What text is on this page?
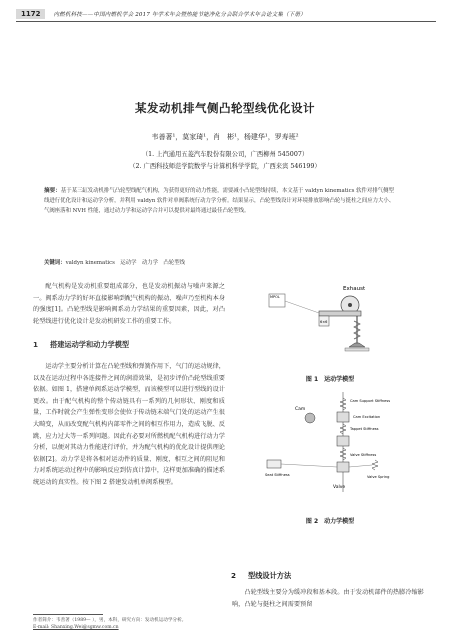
1172	内燃机科技——中国内燃机学会 2017 年学术年会暨热能节能净化分会联合学术年会论文集（下册）
某发动机排气侧凸轮型线优化设计
韦善著¹，莫家琦¹，肖　彬¹，杨建华¹，罗寿班²
（1. 上汽通用五菱汽车股份有限公司，广西柳州 545007）
（2. 广西科技师范学院数学与计算机科学学院，广西来宾 546199）
摘要：基于某三缸发动机排气凸轮型线配气机构，为获得更好的动力性能，需要减小凸轮型线持续，本文基于 valdyn kinematics 软件对排气侧型线进行优化设计和运动学分析，并利用 valdyn 软件对单阀系统行动力学分析。结果显示，凸轮型线设计对环境排放影响凸轮与挺柱之间应力大小、气阀座落和 NVH 性能，通过动力学和运动学合并可以提供对最终通过最佳凸轮型线。
关键词：valdyn kinematics　运动学　动力学　凸轮型线

配气机构是发动机重要组成部分，也是发动机振动与噪声来源之一。阀系动力学的好坏直接影响到配气机构的振动、噪声乃至机构本身的强度[1]。凸轮型线是影响阀系动力学结果的重要因素，因此，对凸轮型线进行优化设计是发动机研发工作的重要工作。

1 搭建运动学和动力学模型

运动学主要分析计算在凸轮型线和弹簧作用下，气门的运动规律，以及在运动过程中各连接件之间的润滑效果，是初步评价凸轮型线重要依据。如图 1，搭建单阀系运动学模型，而该模型可以进行型线的设计更改。由于配气机构的整个传动链具有一系列的几何形状、刚度和质量，工作时就会产生弹性变形会使位于传动链末端气门处的运动产生很大畸变，从而改变配气机构内部零件之间的相互作用力，造成飞脱、反跳，应力过大等一系列问题。因此有必要对所燃机配气机构进行动力学分析，以便对其动力性能进行评价，并为配气机构的优化设计提供理论依据[2]。动力学是将各相对运动件的质量、刚度，相互之间的阻尼和力对系统运动过程中的影响反应到仿真计算中，这样更加准确的描述系统运动的真实性。按下图 2 搭建发动机单阀系模型。

Exhaust
MPOL
6×6
图 1　运动学模型
Cam
Cam Support Stiffness
Cam Excitation
Tappet Stiffness
Seat Stiffness
Valve Stiffness
Valve Spring
Valve
图 2　动力学模型
2 型线设计方法
凸轮型线主要分为缓冲段和基本段。由于发动机部件的热膨冷缩影响，凸轮与挺柱之间需要预留
作者简介：韦善著（1989— ），男，本科，研究方向：发动机运动学分析。
E-mail: Shanxing.Wei@sgmw.com.cn
